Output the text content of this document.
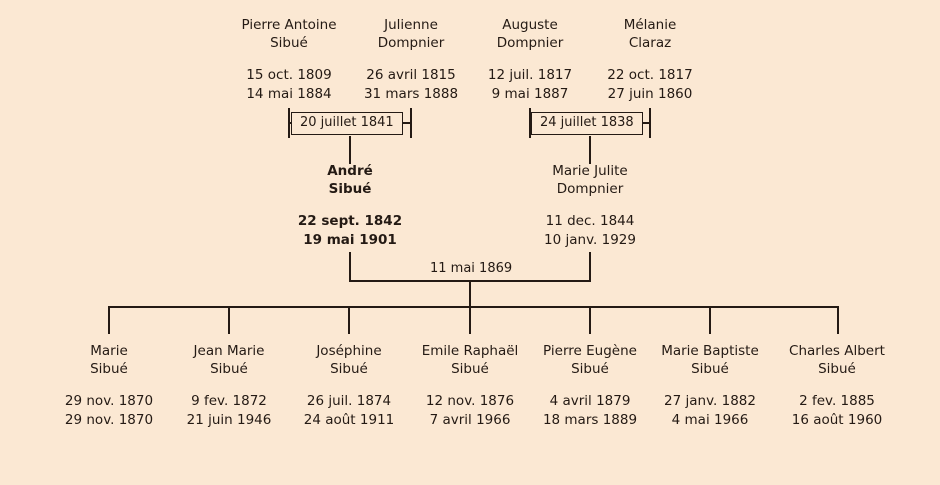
Pierre Antoine
Sibué
15 oct. 1809
14 mai 1884
Julienne
Dompnier
26 avril 1815
31 mars 1888
Auguste
Dompnier
12 juil. 1817
9 mai 1887
Mélanie
Claraz
22 oct. 1817
27 juin 1860
20 juillet 1841	24 juillet 1838
André
Sibué
22 sept. 1842
19 mai 1901
Marie Julite
Dompnier
11 dec. 1844
10 janv. 1929
11 mai 1869
Marie
Sibué
29 nov. 1870
29 nov. 1870
Jean Marie
Sibué
9 fev. 1872
21 juin 1946
Joséphine
Sibué
26 juil. 1874
24 août 1911
Emile Raphaël
Sibué
12 nov. 1876
7 avril 1966
Pierre Eugène
Sibué
4 avril 1879
18 mars 1889
Marie Baptiste
Sibué
27 janv. 1882
4 mai 1966
Charles Albert
Sibué
2 fev. 1885
16 août 1960
